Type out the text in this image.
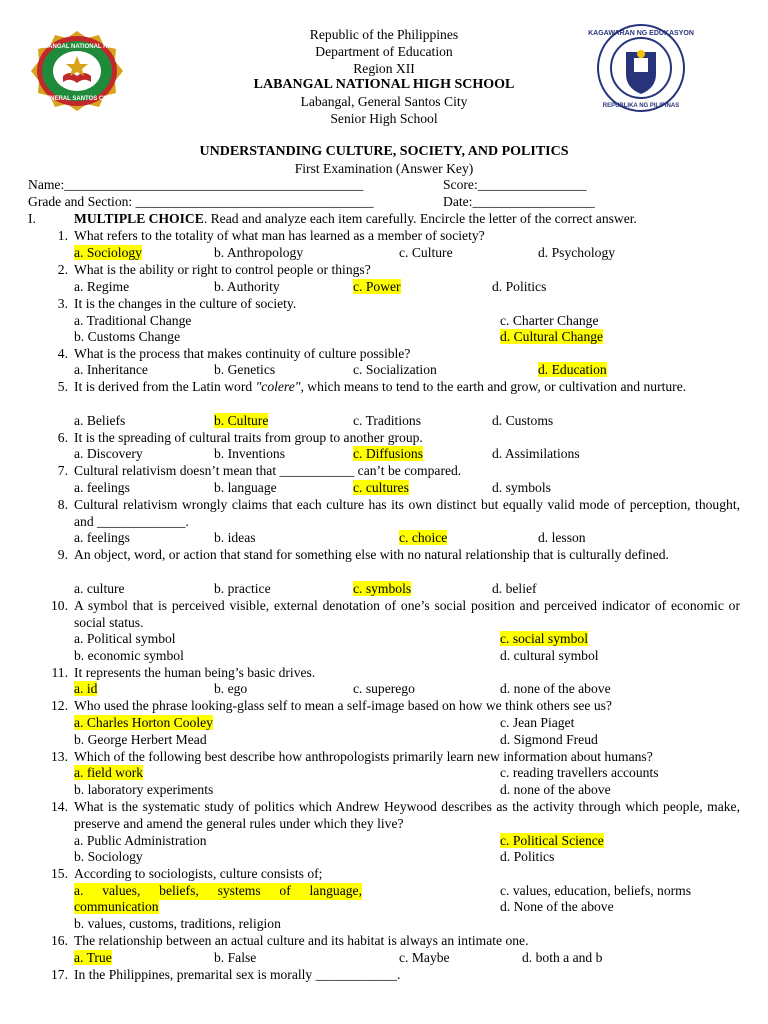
LABANGAL NATIONAL HIGH
GENERAL SANTOS CITY
KAGAWARAN NG EDUKASYON
REPUBLIKA NG PILIPINAS
Republic of the Philippines
Department of Education
Region XII
LABANGAL NATIONAL HIGH SCHOOL
Labangal, General Santos City
Senior High School
UNDERSTANDING CULTURE, SOCIETY, AND POLITICS
First Examination (Answer Key)
Name:____________________________________________	Score:________________
Grade and Section: ___________________________________	Date:__________________
I.	MULTIPLE CHOICE. Read and analyze each item carefully. Encircle the letter of the correct answer.
1. What refers to the totality of what man has learned as a member of society?
a. Sociology	b. Anthropology	c. Culture	d. Psychology
2. What is the ability or right to control people or things?
a. Regime	b. Authority	c. Power	d. Politics
3. It is the changes in the culture of society.
a. Traditional Change
b. Customs Change
c. Charter Change
d. Cultural Change
4. What is the process that makes continuity of culture possible?
a. Inheritance	b. Genetics	c. Socialization	d. Education
5. It is derived from the Latin word "colere", which means to tend to the earth and grow, or cultivation and nurture.
a. Beliefs	b. Culture	c. Traditions	d. Customs
6. It is the spreading of cultural traits from group to another group.
a. Discovery	b. Inventions	c. Diffusions	d. Assimilations
7. Cultural relativism doesn’t mean that ___________ can’t be compared.
a. feelings	b. language	c. cultures	d. symbols
8. Cultural relativism wrongly claims that each culture has its own distinct but equally valid mode of perception, thought, and _____________.
a. feelings	b. ideas	c. choice	d. lesson
9. An object, word, or action that stand for something else with no natural relationship that is culturally defined.
a. culture	b. practice	c. symbols	d. belief
10. A symbol that is perceived visible, external denotation of one’s social position and perceived indicator of economic or social status.
a. Political symbol
b. economic symbol
c. social symbol
d. cultural symbol
11. It represents the human being’s basic drives.
a. id	b. ego	c. superego	d. none of the above
12. Who used the phrase looking-glass self to mean a self-image based on how we think others see us?
a. Charles Horton Cooley
b. George Herbert Mead
c. Jean Piaget
d. Sigmond Freud
13. Which of the following best describe how anthropologists primarily learn new information about humans?
a. field work
b. laboratory experiments
c. reading travellers accounts
d. none of the above
14. What is the systematic study of politics which Andrew Heywood describes as the activity through which people, make, preserve and amend the general rules under which they live?
a. Public Administration
b. Sociology
c. Political Science
d. Politics
15. According to sociologists, culture consists of;
a. values, beliefs, systems of language,
communication
b. values, customs, traditions, religion
c. values, education, beliefs, norms
d. None of the above
16. The relationship between an actual culture and its habitat is always an intimate one.
a. True	b. False	c. Maybe	d. both a and b
17. In the Philippines, premarital sex is morally ____________.
